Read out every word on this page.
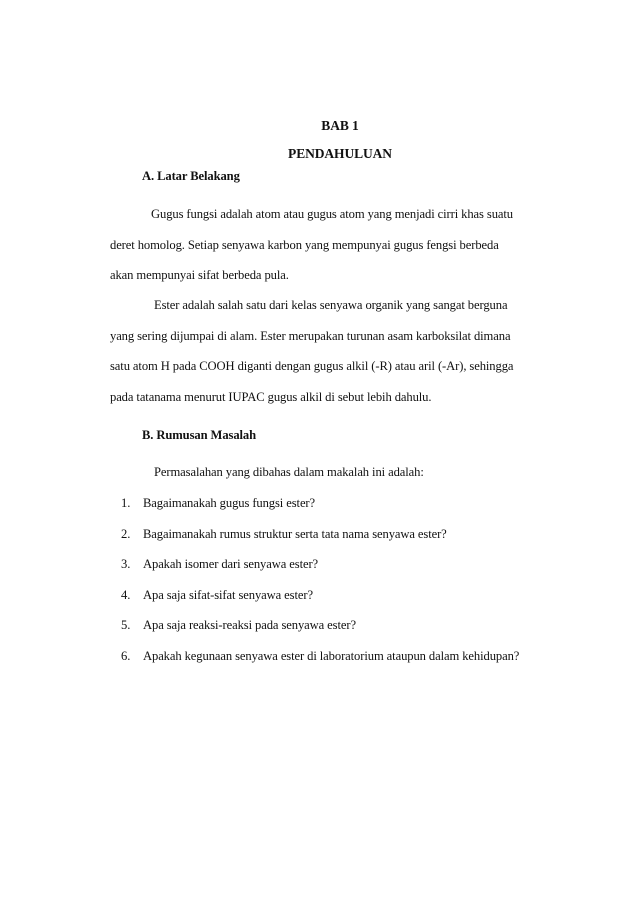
BAB 1
PENDAHULUAN
A. Latar Belakang
Gugus fungsi adalah atom atau gugus atom yang menjadi cirri khas suatu
deret homolog. Setiap senyawa karbon yang mempunyai gugus fengsi berbeda
akan mempunyai sifat berbeda pula.
Ester adalah salah satu dari kelas senyawa organik yang sangat berguna
yang sering dijumpai di alam. Ester merupakan turunan asam karboksilat dimana
satu atom H pada COOH diganti dengan gugus alkil (-R) atau aril (-Ar), sehingga
pada tatanama menurut IUPAC gugus alkil di sebut lebih dahulu.
B. Rumusan Masalah
Permasalahan yang dibahas dalam makalah ini adalah:
1. Bagaimanakah gugus fungsi ester?
2. Bagaimanakah rumus struktur serta tata nama senyawa ester?
3. Apakah isomer dari senyawa ester?
4. Apa saja sifat-sifat senyawa ester?
5. Apa saja reaksi-reaksi pada senyawa ester?
6. Apakah kegunaan senyawa ester di laboratorium ataupun dalam kehidupan?
